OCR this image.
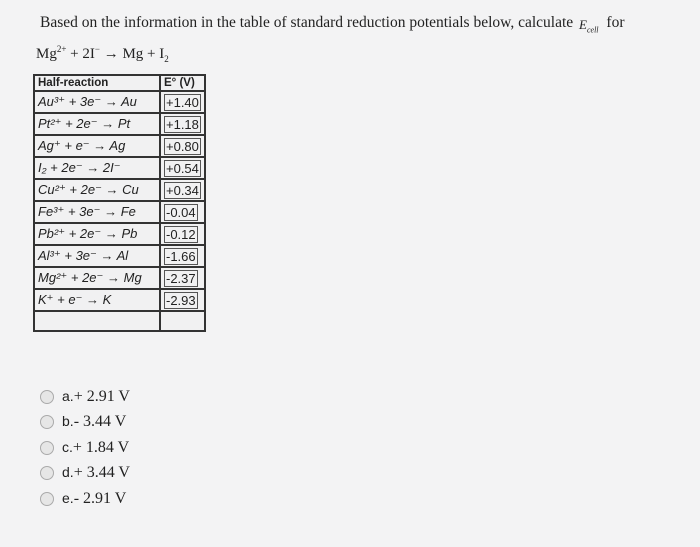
Based on the information in the table of standard reduction potentials below, calculate $E_{cell}$ for
$Mg^{2+} + 2I^- \to Mg + I_2$
Half-reaction	E° (V)
Au³⁺ + 3e⁻ → Au	+1.40
Pt²⁺ + 2e⁻ → Pt	+1.18
Ag⁺ + e⁻ → Ag	+0.80
I₂ + 2e⁻ → 2I⁻	+0.54
Cu²⁺ + 2e⁻ → Cu	+0.34
Fe³⁺ + 3e⁻ → Fe	-0.04
Pb²⁺ + 2e⁻ → Pb	-0.12
Al³⁺ + 3e⁻ → Al	-1.66
Mg²⁺ + 2e⁻ → Mg	-2.37
K⁺ + e⁻ → K	-2.93

a.+ 2.91 V
b.- 3.44 V
c.+ 1.84 V
d.+ 3.44 V
e.- 2.91 V
